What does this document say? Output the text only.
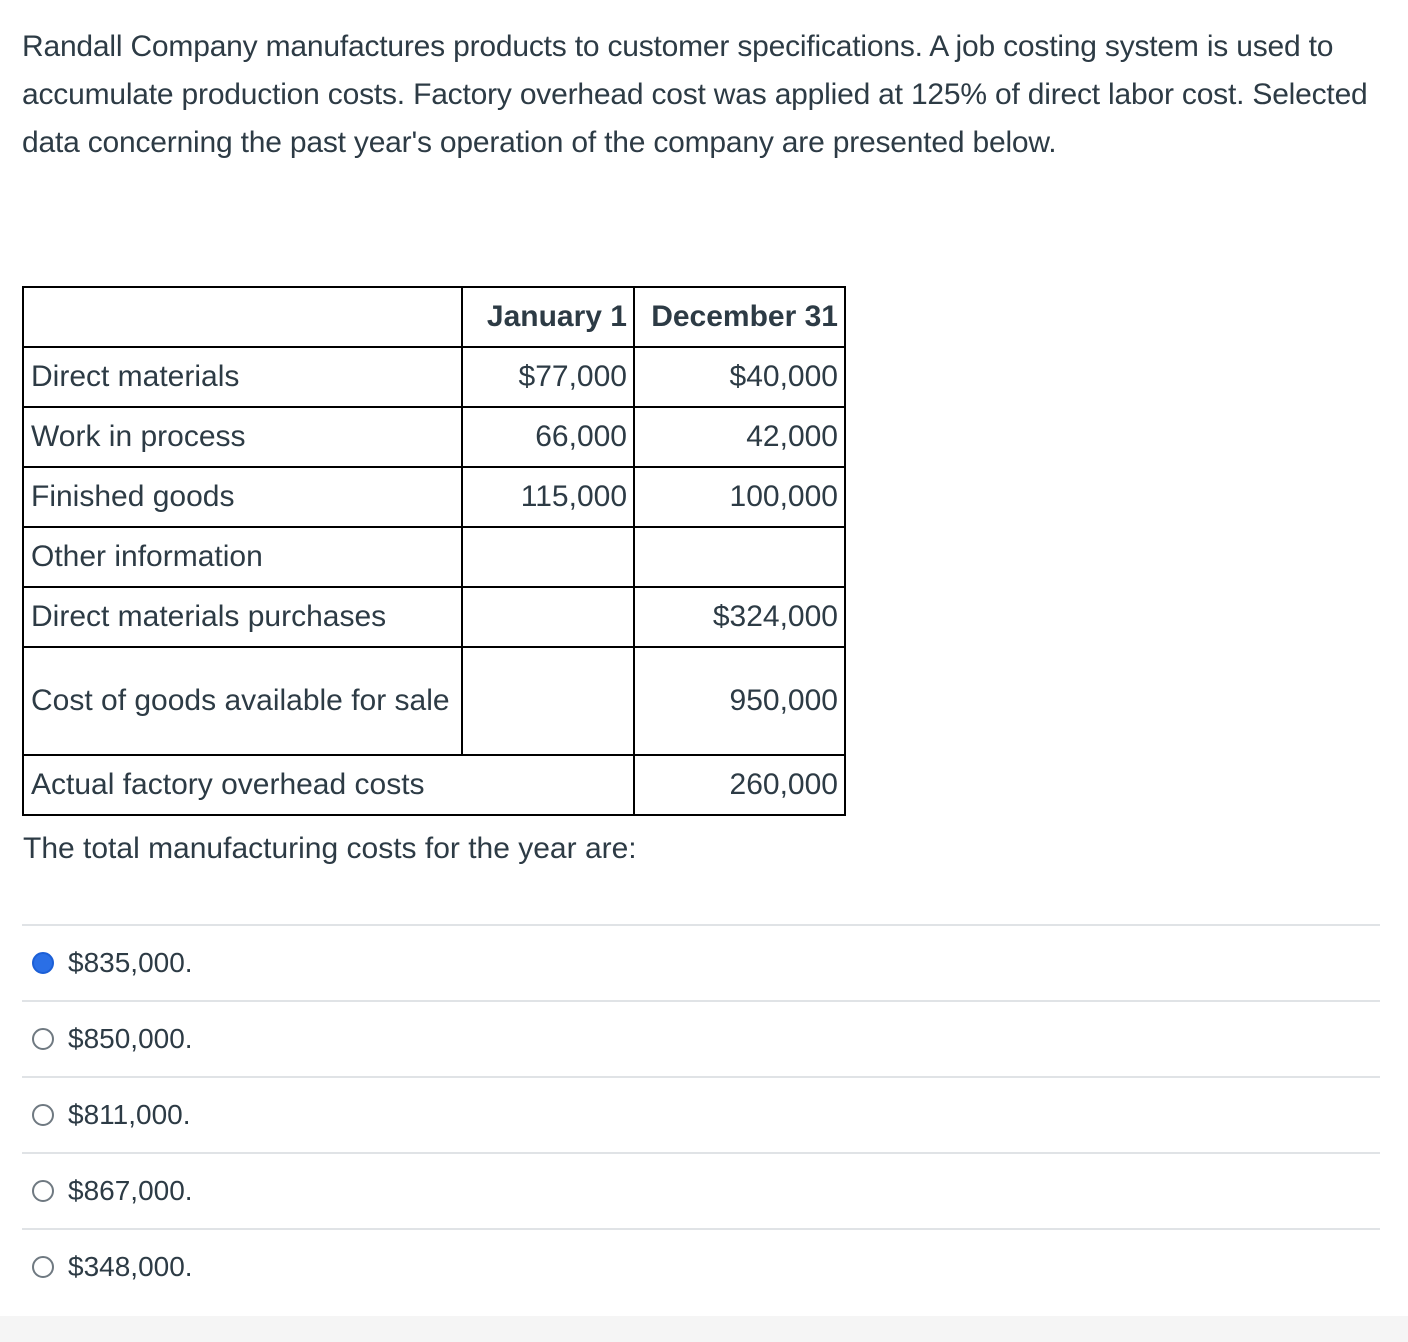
Randall Company manufactures products to customer specifications. A job costing system is used to accumulate production costs. Factory overhead cost was applied at 125% of direct labor cost. Selected data concerning the past year's operation of the company are presented below.

	January 1	December 31
Direct materials	$77,000	$40,000
Work in process	66,000	42,000
Finished goods	115,000	100,000
Other information		
Direct materials purchases		$324,000
Cost of goods available for sale		950,000
Actual factory overhead costs		260,000

The total manufacturing costs for the year are:

$835,000.
$850,000.
$811,000.
$867,000.
$348,000.
